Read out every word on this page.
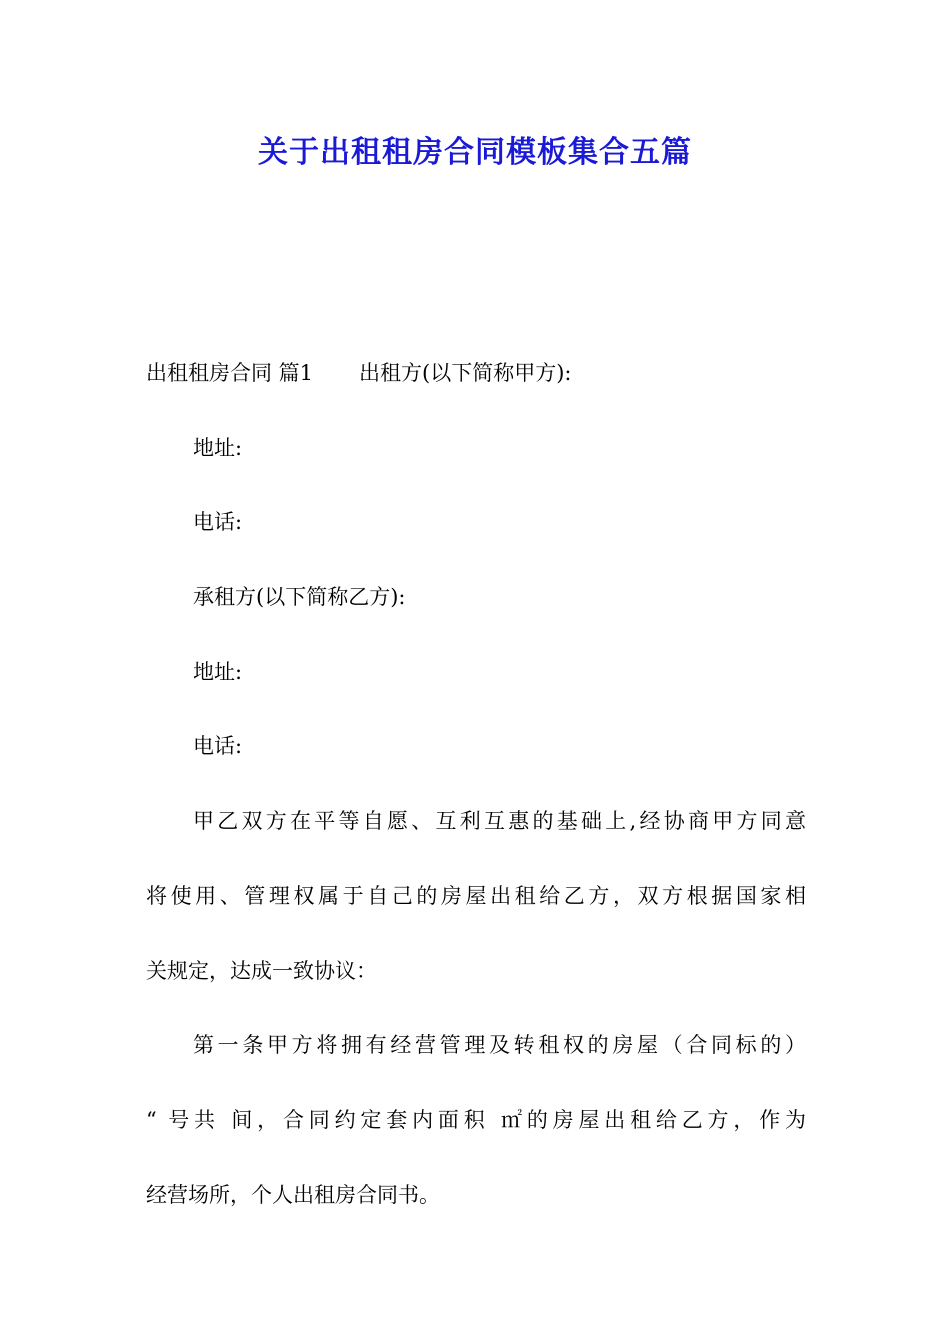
关于出租租房合同模板集合五篇
出租租房合同 篇1 出租方(以下简称甲方):
地址:
电话:
承租方(以下简称乙方):
地址:
电话:
甲乙双方在平等自愿、互利互惠的基础上,经协商甲方同意
将使用、管理权属于自己的房屋出租给乙方，双方根据国家相
关规定，达成一致协议：
第一条甲方将拥有经营管理及转租权的房屋（合同标的）
“ 号共 间，合同约定套内面积 ㎡的房屋出租给乙方，作为
经营场所，个人出租房合同书。
